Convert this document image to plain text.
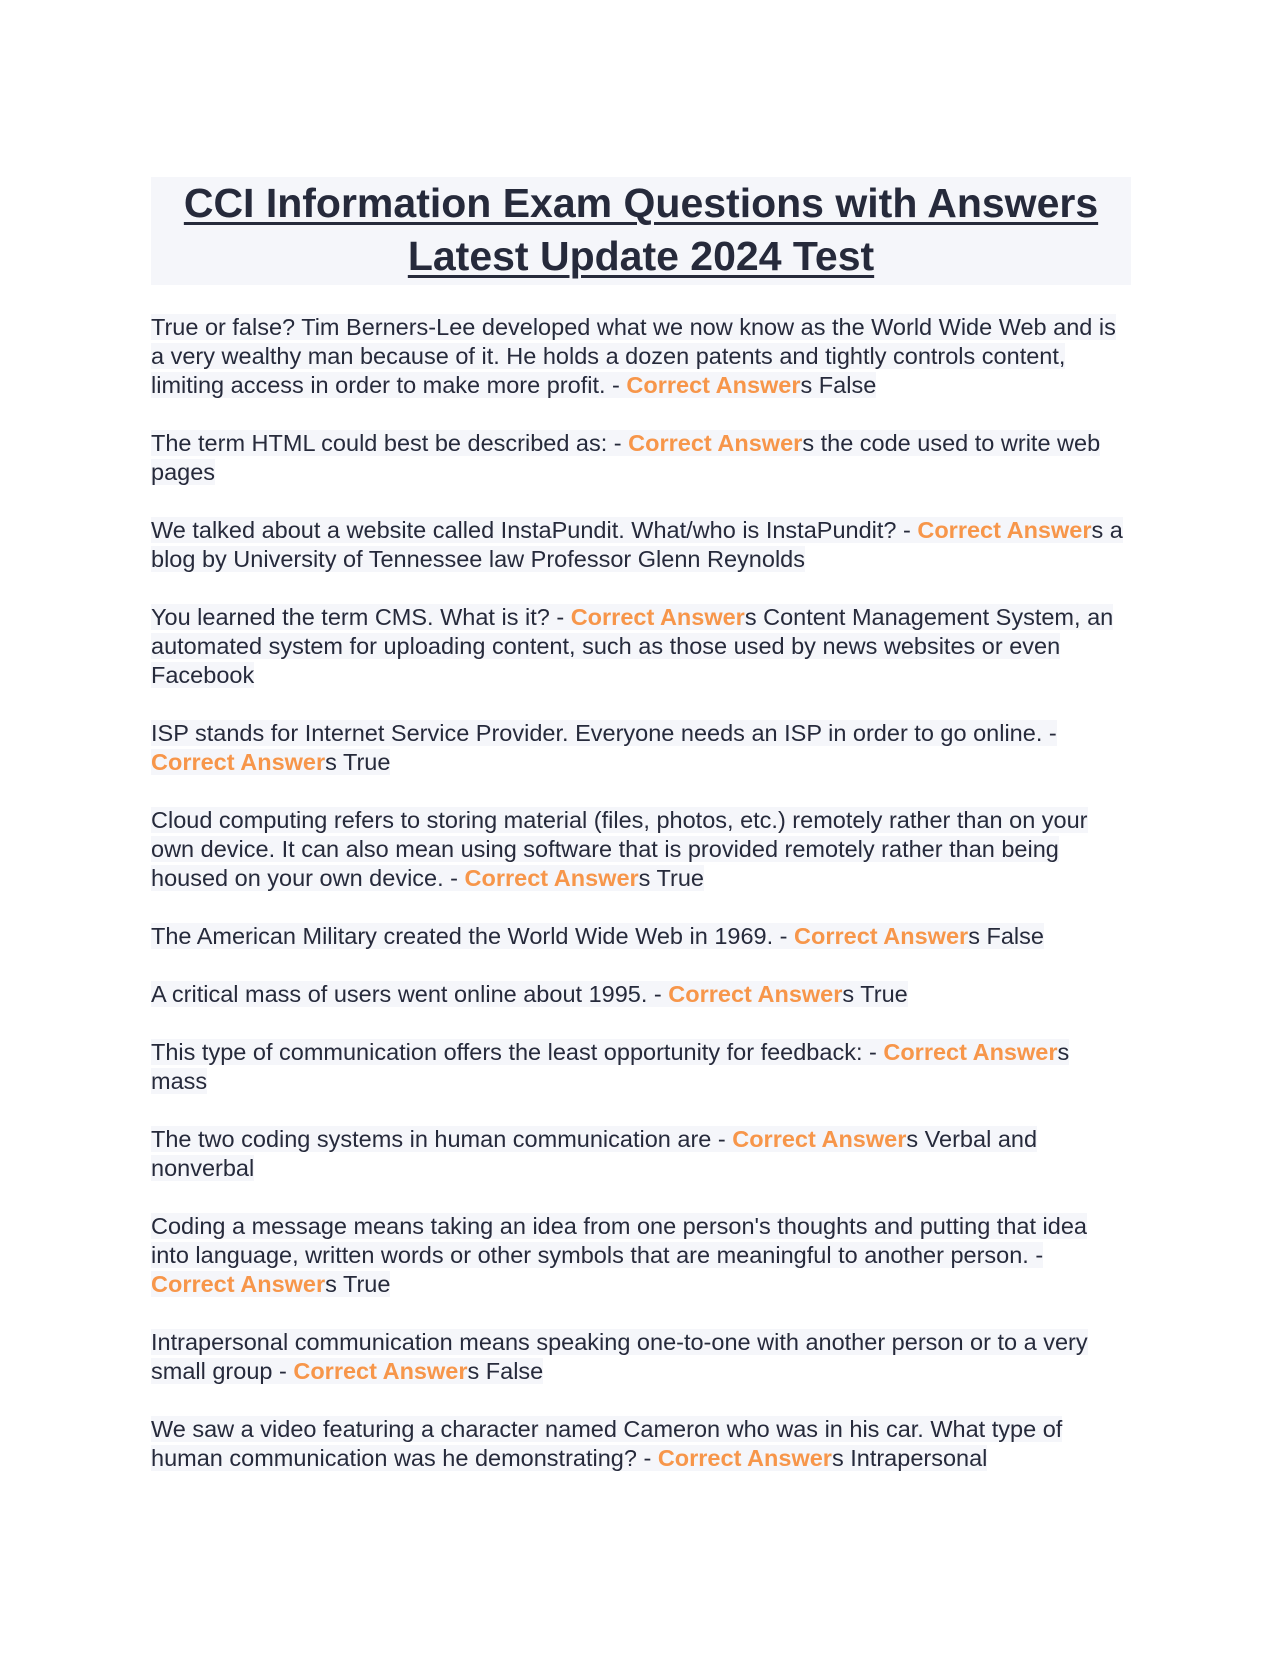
CCI Information Exam Questions with Answers Latest Update 2024 Test

True or false? Tim Berners-Lee developed what we now know as the World Wide Web and is a very wealthy man because of it. He holds a dozen patents and tightly controls content, limiting access in order to make more profit. - Correct Answers False

The term HTML could best be described as: - Correct Answers the code used to write web pages

We talked about a website called InstaPundit. What/who is InstaPundit? - Correct Answers a blog by University of Tennessee law Professor Glenn Reynolds

You learned the term CMS. What is it? - Correct Answers Content Management System, an automated system for uploading content, such as those used by news websites or even Facebook

ISP stands for Internet Service Provider. Everyone needs an ISP in order to go online. - Correct Answers True

Cloud computing refers to storing material (files, photos, etc.) remotely rather than on your own device. It can also mean using software that is provided remotely rather than being housed on your own device. - Correct Answers True

The American Military created the World Wide Web in 1969. - Correct Answers False

A critical mass of users went online about 1995. - Correct Answers True

This type of communication offers the least opportunity for feedback: - Correct Answers mass

The two coding systems in human communication are - Correct Answers Verbal and nonverbal

Coding a message means taking an idea from one person's thoughts and putting that idea into language, written words or other symbols that are meaningful to another person. - Correct Answers True

Intrapersonal communication means speaking one-to-one with another person or to a very small group - Correct Answers False

We saw a video featuring a character named Cameron who was in his car. What type of human communication was he demonstrating? - Correct Answers Intrapersonal
